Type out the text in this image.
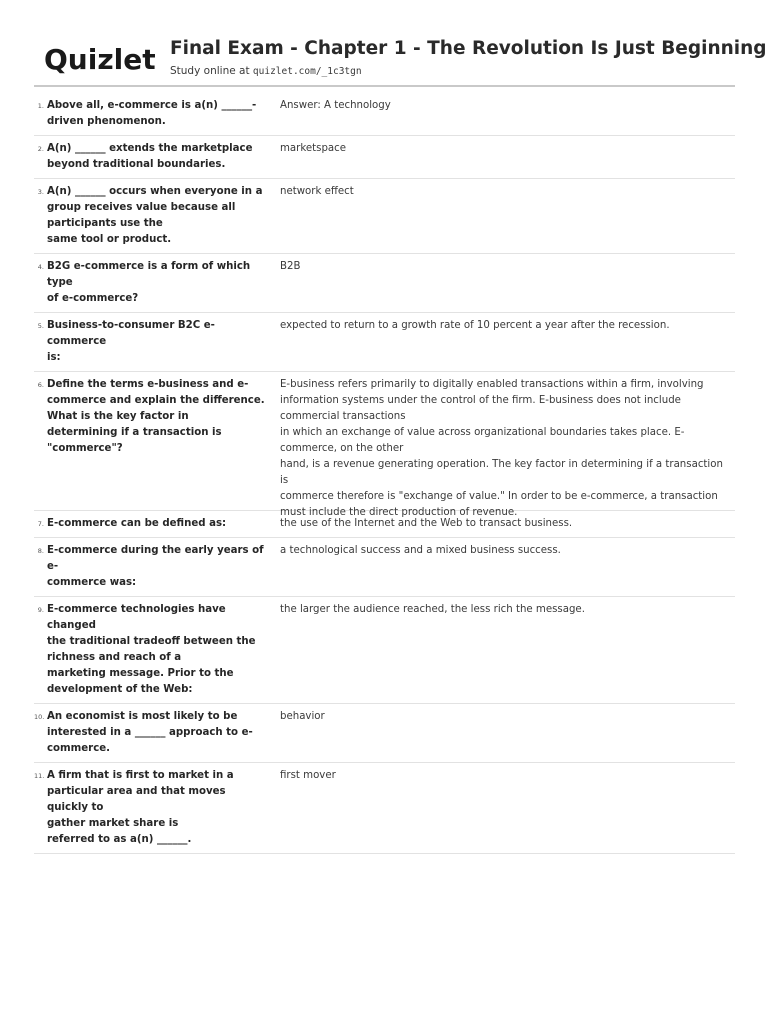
Quizlet Final Exam - Chapter 1 - The Revolution Is Just Beginning
Study online at quizlet.com/_1c3tgn
1. Above all, e-commerce is a(n) ______-
driven phenomenon.
Answer: A technology
2. A(n) ______ extends the marketplace
beyond traditional boundaries.
marketspace
3. A(n) ______ occurs when everyone in a
group receives value because all
participants use the
same tool or product.
network effect
4. B2G e-commerce is a form of which type
of e-commerce?
B2B
5. Business-to-consumer B2C e-commerce
is:
expected to return to a growth rate of 10 percent a year after the recession.
6. Define the terms e-business and e-
commerce and explain the difference.
What is the key factor in
determining if a transaction is
"commerce"?
E-business refers primarily to digitally enabled transactions within a firm, involving
information systems under the control of the firm. E-business does not include
commercial transactions
in which an exchange of value across organizational boundaries takes place. E-
commerce, on the other
hand, is a revenue generating operation. The key factor in determining if a transaction is
commerce therefore is "exchange of value." In order to be e-commerce, a transaction
must include the direct production of revenue.
7. E-commerce can be defined as:	the use of the Internet and the Web to transact business.
8. E-commerce during the early years of e-
commerce was:
a technological success and a mixed business success.
9. E-commerce technologies have changed
the traditional tradeoff between the
richness and reach of a
marketing message. Prior to the
development of the Web:
the larger the audience reached, the less rich the message.
10. An economist is most likely to be
interested in a ______ approach to e-
commerce.
behavior
11. A firm that is first to market in a
particular area and that moves quickly to
gather market share is
referred to as a(n) ______.
first mover
